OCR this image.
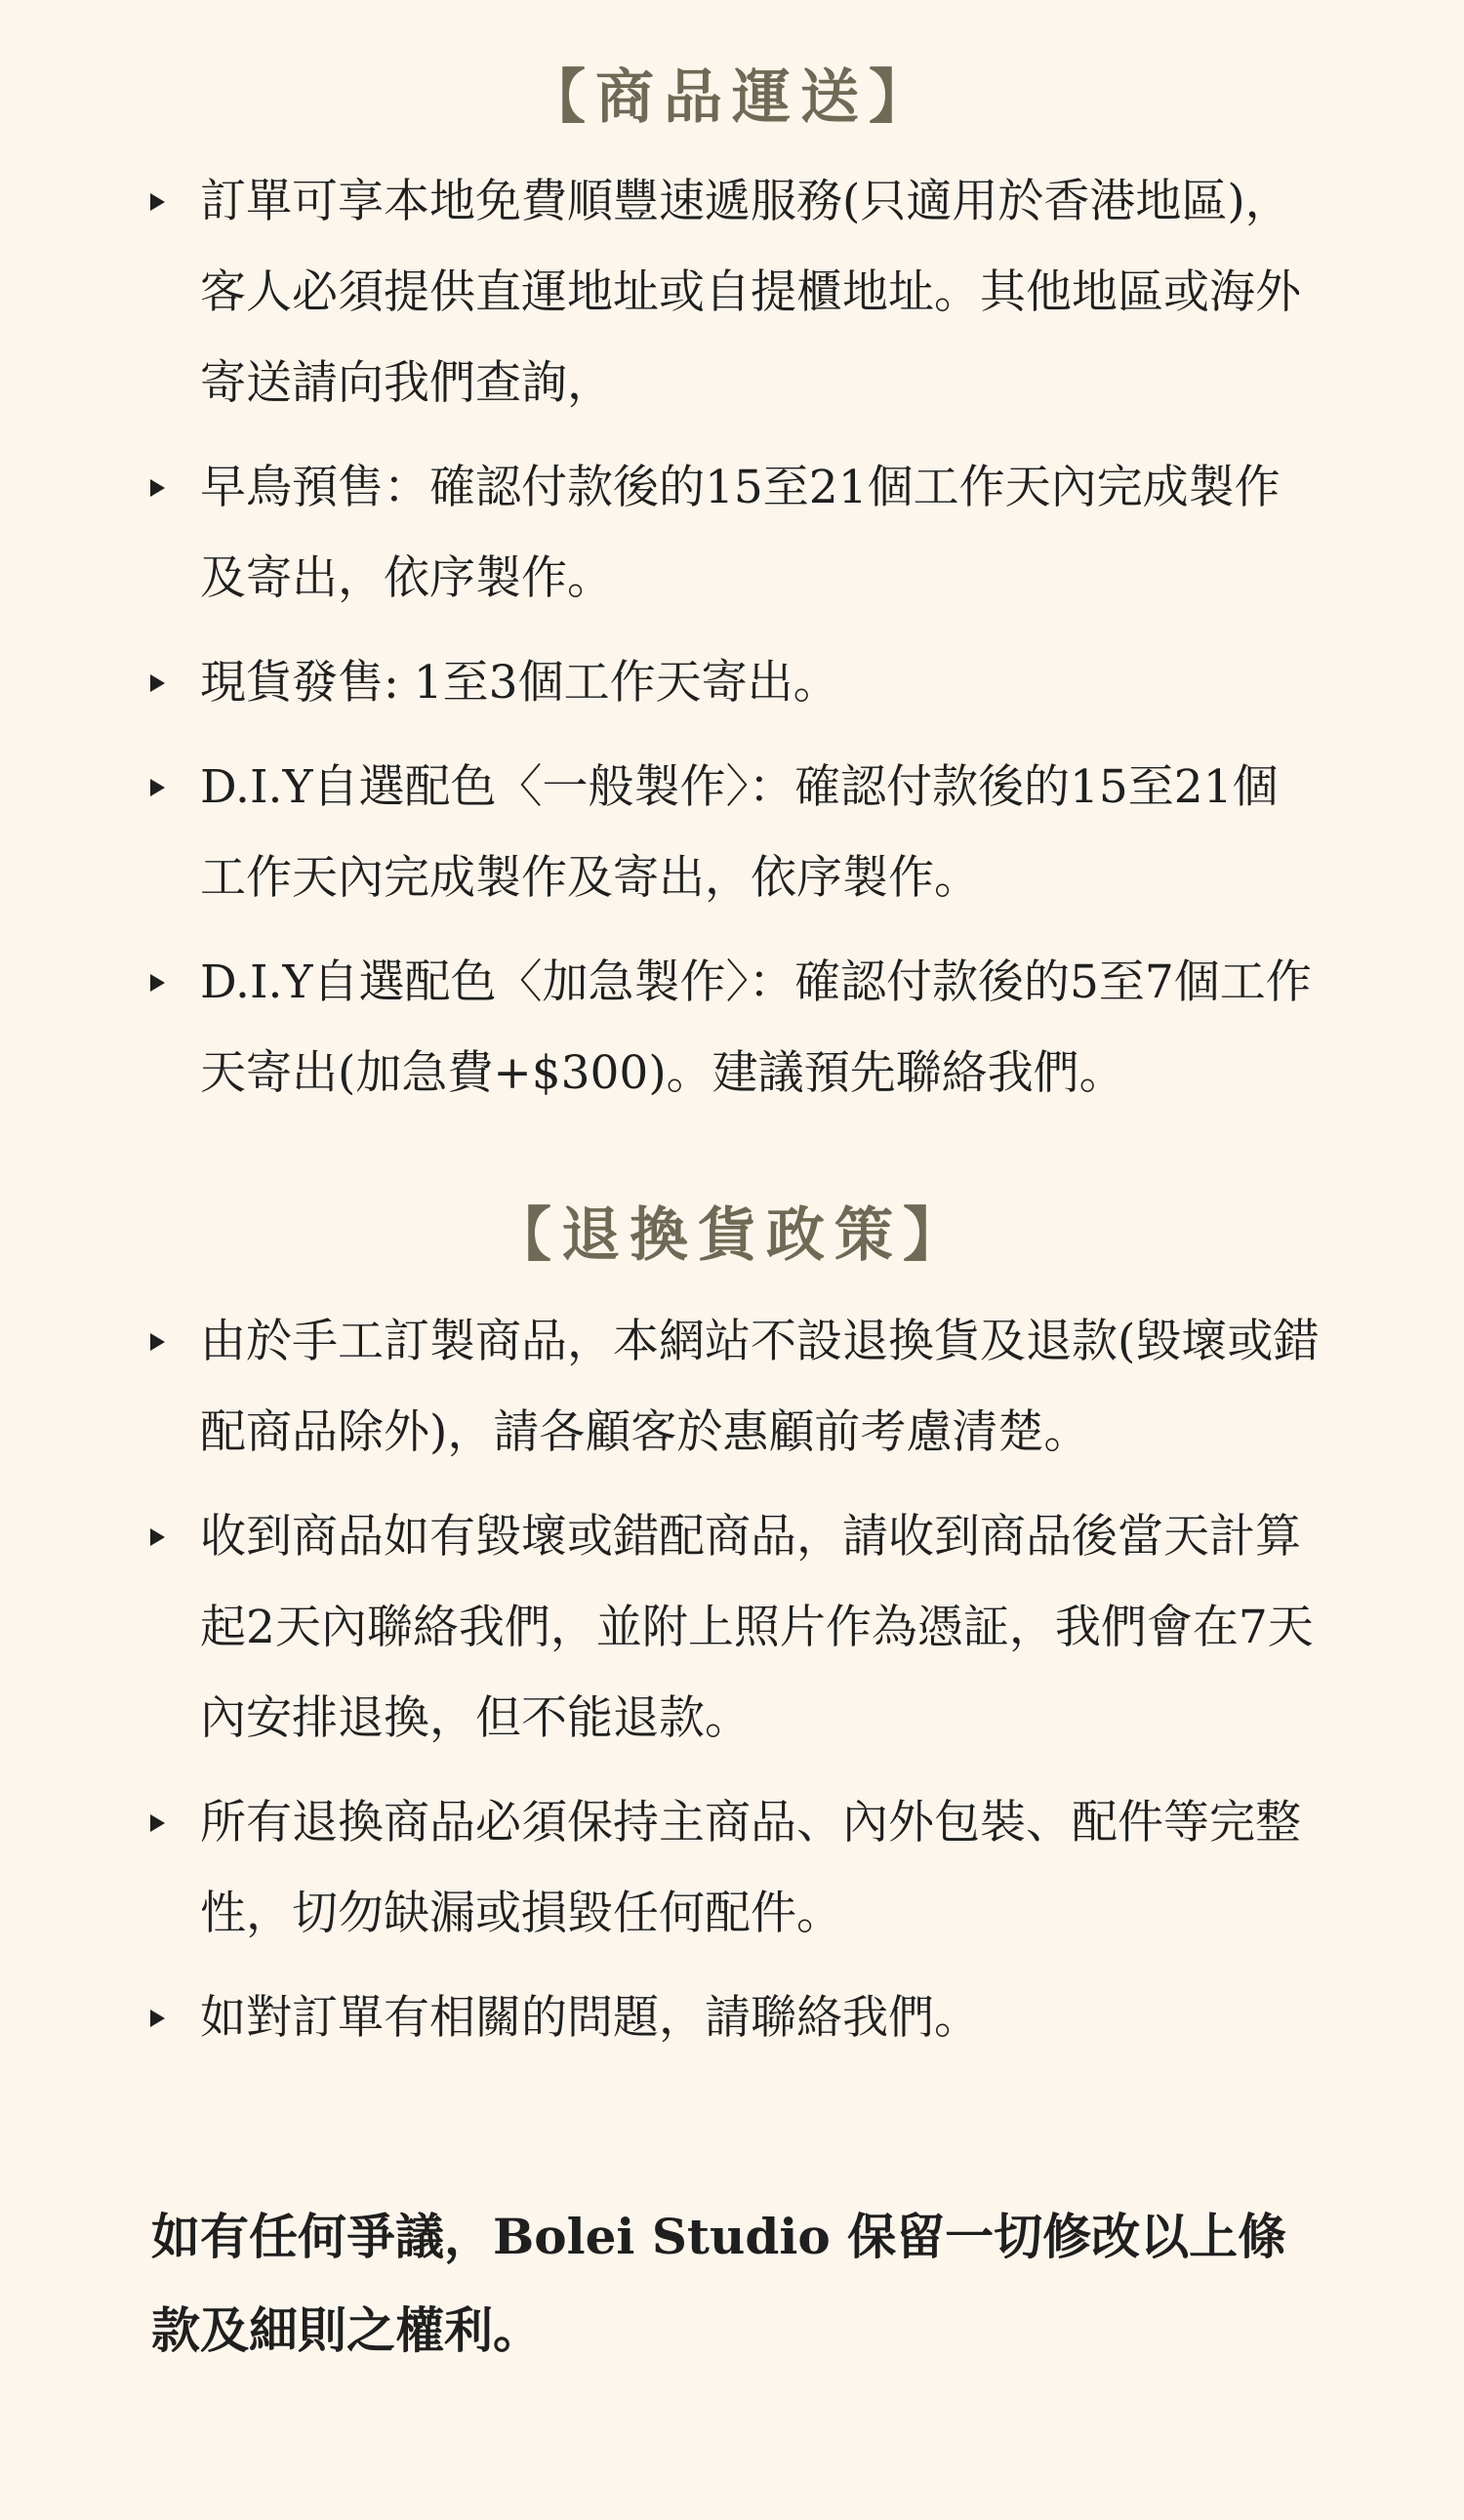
【商品運送】
訂單可享本地免費順豐速遞服務(只適用於香港地區)，客人必須提供直運地址或自提櫃地址。其他地區或海外寄送請向我們查詢，
早鳥預售：確認付款後的15至21個工作天內完成製作及寄出，依序製作。
現貨發售: 1至3個工作天寄出。
D.I.Y自選配色〈一般製作〉：確認付款後的15至21個工作天內完成製作及寄出，依序製作。
D.I.Y自選配色〈加急製作〉：確認付款後的5至7個工作天寄出(加急費+$300)。建議預先聯絡我們。
【退換貨政策】
由於手工訂製商品，本網站不設退換貨及退款(毀壞或錯配商品除外)，請各顧客於惠顧前考慮清楚。
收到商品如有毀壞或錯配商品，請收到商品後當天計算起2天內聯絡我們，並附上照片作為憑証，我們會在7天內安排退換，但不能退款。
所有退換商品必須保持主商品、內外包裝、配件等完整性，切勿缺漏或損毀任何配件。
如對訂單有相關的問題，請聯絡我們。

如有任何爭議，Bolei Studio 保留一切修改以上條款及細則之權利。
